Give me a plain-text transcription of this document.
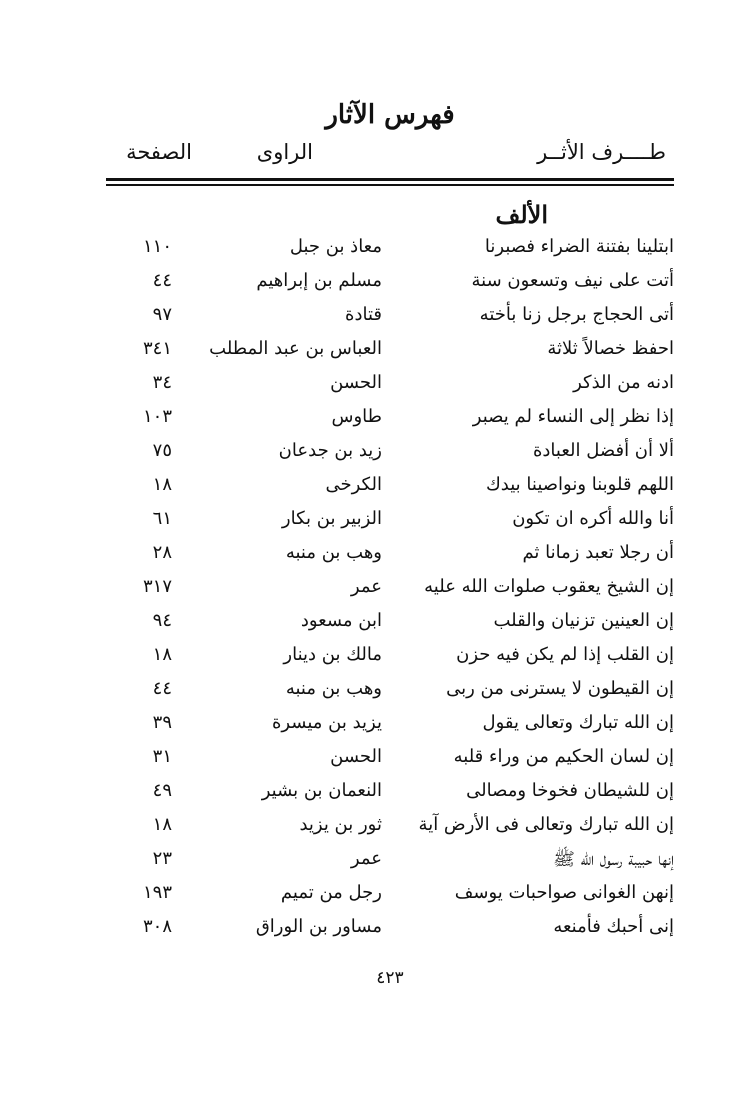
فهرس الآثار
طــــرف الأثــر
الراوى
الصفحة
الألف
ابتلينا بفتنة الضراء فصبرنا
معاذ بن جبل
١١٠
أتت على نيف وتسعون سنة
مسلم بن إبراهيم
٤٤
أتى الحجاج برجل زنا بأخته
قتادة
٩٧
احفظ خصالاً ثلاثة
العباس بن عبد المطلب
٣٤١
ادنه من الذكر
الحسن
٣٤
إذا نظر إلى النساء لم يصبر
طاوس
١٠٣
ألا أن أفضل العبادة
زيد بن جدعان
٧٥
اللهم قلوبنا ونواصينا بيدك
الكرخى
١٨
أنا والله أكره ان تكون
الزبير بن بكار
٦١
أن رجلا تعبد زمانا ثم
وهب بن منبه
٢٨
إن الشيخ يعقوب صلوات الله عليه
عمر
٣١٧
إن العينين تزنيان والقلب
ابن مسعود
٩٤
إن القلب إذا لم يكن فيه حزن
مالك بن دينار
١٨
إن القيطون لا يسترنى من ربى
وهب بن منبه
٤٤
إن الله تبارك وتعالى يقول
يزيد بن ميسرة
٣٩
إن لسان الحكيم من وراء قلبه
الحسن
٣١
إن للشيطان فخوخا ومصالى
النعمان بن بشير
٤٩
إن الله تبارك وتعالى فى الأرض آية
ثور بن يزيد
١٨
إنها حبيبة رسول الله ﷺ
عمر
٢٣
إنهن الغوانى صواحبات يوسف
رجل من تميم
١٩٣
إنى أحبك فأمنعه
مساور بن الوراق
٣٠٨
٤٢٣
